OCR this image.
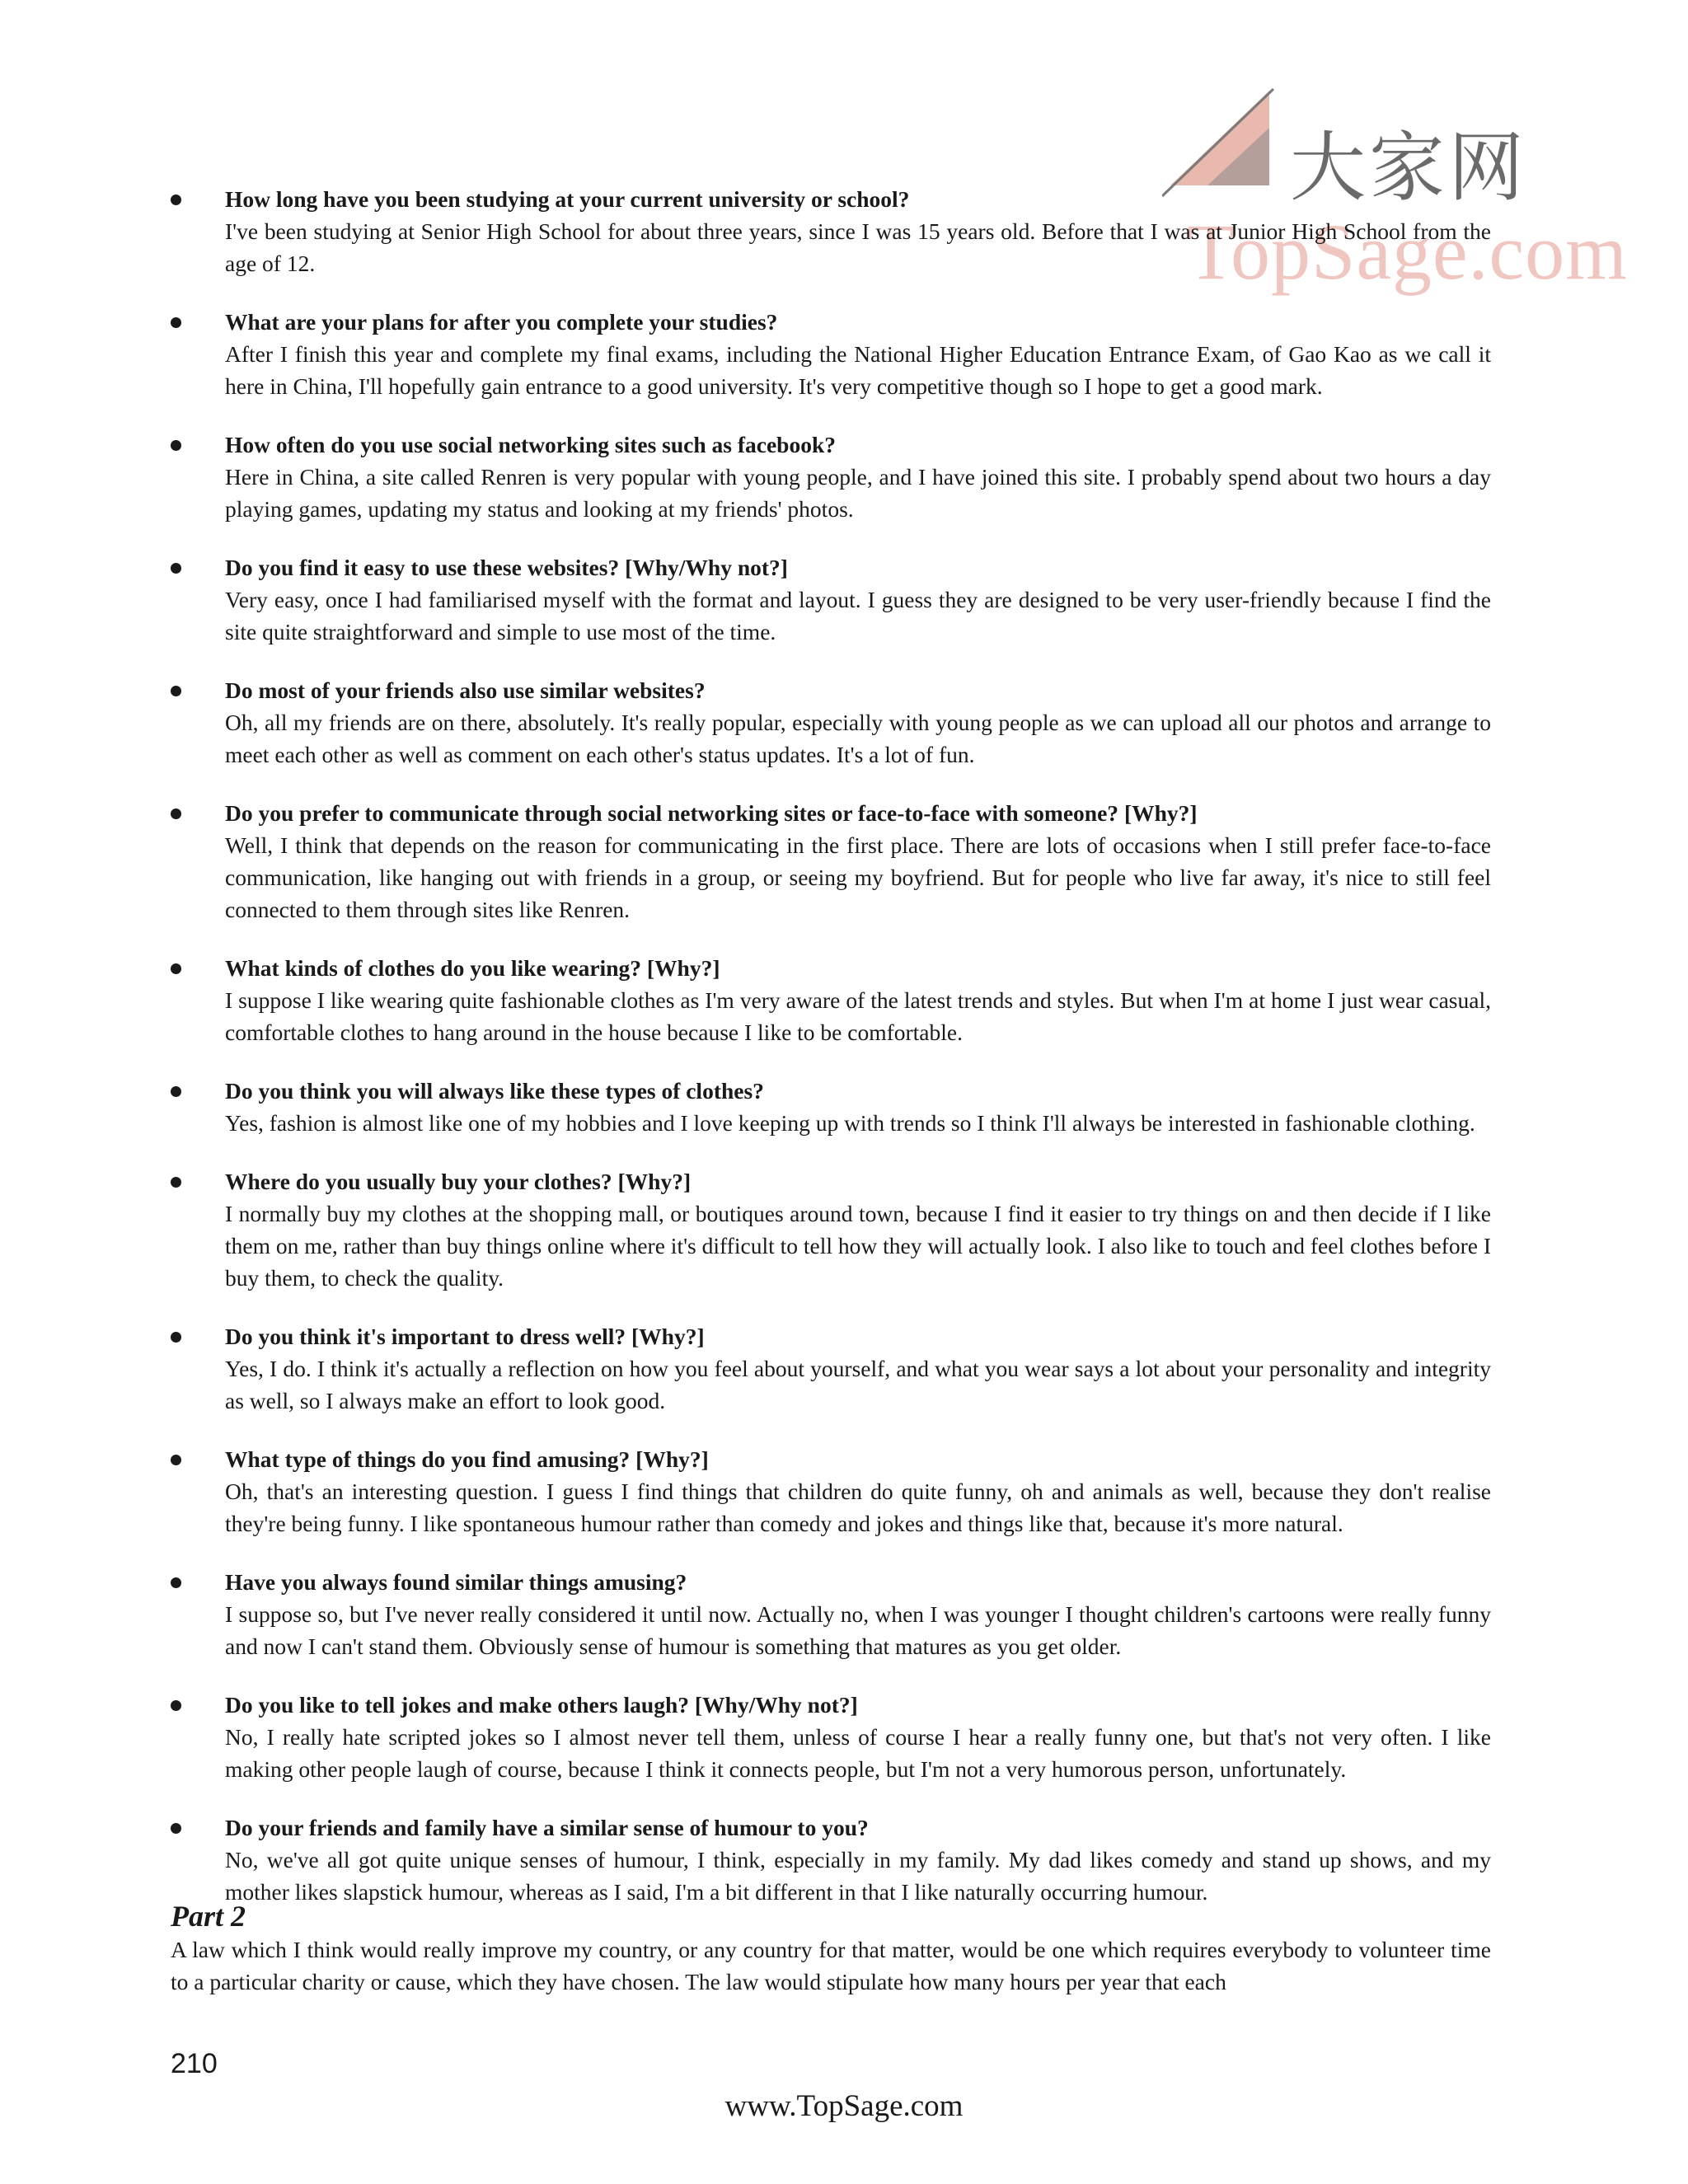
大家网
TopSage.com
How long have you been studying at your current university or school?
I've been studying at Senior High School for about three years, since I was 15 years old. Before that I was at Junior High School from the age of 12.
What are your plans for after you complete your studies?
After I finish this year and complete my final exams, including the National Higher Education Entrance Exam, of Gao Kao as we call it here in China, I'll hopefully gain entrance to a good university. It's very competitive though so I hope to get a good mark.
How often do you use social networking sites such as facebook?
Here in China, a site called Renren is very popular with young people, and I have joined this site. I probably spend about two hours a day playing games, updating my status and looking at my friends' photos.
Do you find it easy to use these websites? [Why/Why not?]
Very easy, once I had familiarised myself with the format and layout. I guess they are designed to be very user-friendly because I find the site quite straightforward and simple to use most of the time.
Do most of your friends also use similar websites?
Oh, all my friends are on there, absolutely. It's really popular, especially with young people as we can upload all our photos and arrange to meet each other as well as comment on each other's status updates. It's a lot of fun.
Do you prefer to communicate through social networking sites or face-to-face with someone? [Why?]
Well, I think that depends on the reason for communicating in the first place. There are lots of occasions when I still prefer face-to-face communication, like hanging out with friends in a group, or seeing my boyfriend. But for people who live far away, it's nice to still feel connected to them through sites like Renren.
What kinds of clothes do you like wearing? [Why?]
I suppose I like wearing quite fashionable clothes as I'm very aware of the latest trends and styles. But when I'm at home I just wear casual, comfortable clothes to hang around in the house because I like to be comfortable.
Do you think you will always like these types of clothes?
Yes, fashion is almost like one of my hobbies and I love keeping up with trends so I think I'll always be interested in fashionable clothing.
Where do you usually buy your clothes? [Why?]
I normally buy my clothes at the shopping mall, or boutiques around town, because I find it easier to try things on and then decide if I like them on me, rather than buy things online where it's difficult to tell how they will actually look. I also like to touch and feel clothes before I buy them, to check the quality.
Do you think it's important to dress well? [Why?]
Yes, I do. I think it's actually a reflection on how you feel about yourself, and what you wear says a lot about your personality and integrity as well, so I always make an effort to look good.
What type of things do you find amusing? [Why?]
Oh, that's an interesting question. I guess I find things that children do quite funny, oh and animals as well, because they don't realise they're being funny. I like spontaneous humour rather than comedy and jokes and things like that, because it's more natural.
Have you always found similar things amusing?
I suppose so, but I've never really considered it until now. Actually no, when I was younger I thought children's cartoons were really funny and now I can't stand them. Obviously sense of humour is something that matures as you get older.
Do you like to tell jokes and make others laugh? [Why/Why not?]
No, I really hate scripted jokes so I almost never tell them, unless of course I hear a really funny one, but that's not very often. I like making other people laugh of course, because I think it connects people, but I'm not a very humorous person, unfortunately.
Do your friends and family have a similar sense of humour to you?
No, we've all got quite unique senses of humour, I think, especially in my family. My dad likes comedy and stand up shows, and my mother likes slapstick humour, whereas as I said, I'm a bit different in that I like naturally occurring humour.
Part 2
A law which I think would really improve my country, or any country for that matter, would be one which requires everybody to volunteer time to a particular charity or cause, which they have chosen. The law would stipulate how many hours per year that each
210
www.TopSage.com
